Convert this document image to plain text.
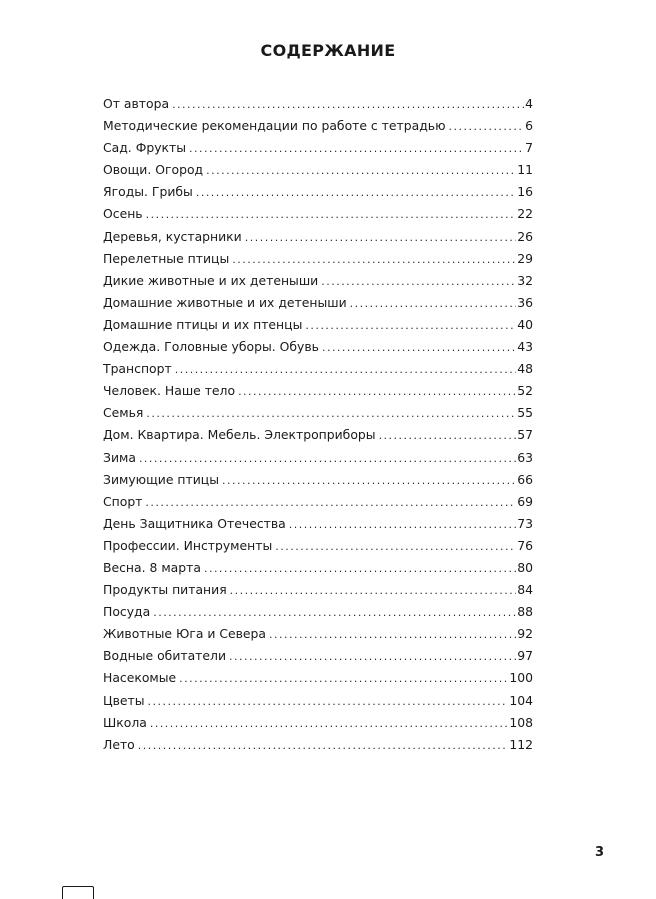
СОДЕРЖАНИЕ
От автора . . .	4
Методические рекомендации по работе с тетрадью . . .	6
Сад. Фрукты . . .	7
Овощи. Огород . . .	11
Ягоды. Грибы . . .	16
Осень . . .	22
Деревья, кустарники . . .	26
Перелетные птицы . . .	29
Дикие животные и их детеныши . . .	32
Домашние животные и их детеныши . . .	36
Домашние птицы и их птенцы . . .	40
Одежда. Головные уборы. Обувь . . .	43
Транспорт . . .	48
Человек. Наше тело . . .	52
Семья . . .	55
Дом. Квартира. Мебель. Электроприборы . . .	57
Зима . . .	63
Зимующие птицы . . .	66
Спорт . . .	69
День Защитника Отечества . . .	73
Профессии. Инструменты . . .	76
Весна. 8 марта . . .	80
Продукты питания . . .	84
Посуда . . .	88
Животные Юга и Севера . . .	92
Водные обитатели . . .	97
Насекомые . . .	100
Цветы . . .	104
Школа . . .	108
Лето . . .	112
3
